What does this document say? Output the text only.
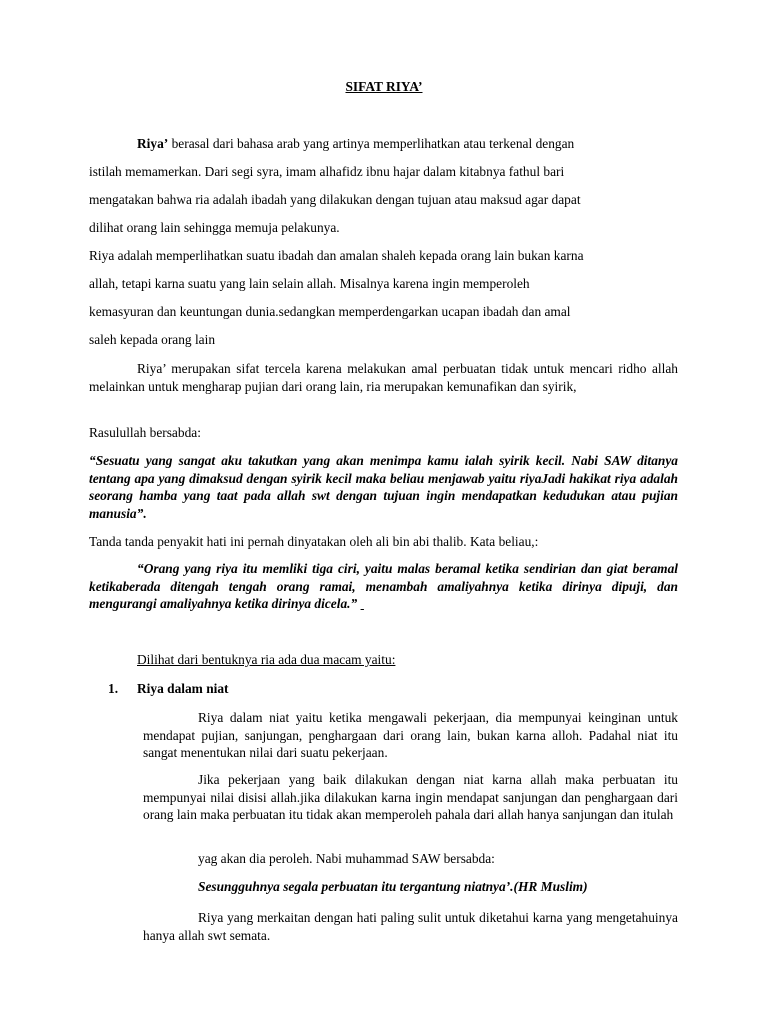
SIFAT RIYA’

Riya’ berasal dari bahasa arab yang artinya memperlihatkan atau terkenal dengan

istilah memamerkan. Dari segi syra, imam alhafidz ibnu hajar dalam kitabnya fathul bari

mengatakan bahwa ria adalah ibadah yang dilakukan dengan tujuan atau maksud agar dapat

dilihat orang lain sehingga memuja pelakunya.

Riya adalah memperlihatkan suatu ibadah dan amalan shaleh kepada orang lain bukan karna

allah, tetapi karna suatu yang lain selain allah. Misalnya karena ingin memperoleh

kemasyuran dan keuntungan dunia.sedangkan memperdengarkan ucapan ibadah dan amal

saleh kepada orang lain

Riya’ merupakan sifat tercela karena melakukan amal perbuatan tidak untuk mencari ridho allah melainkan untuk mengharap pujian dari orang lain, ria merupakan kemunafikan dan syirik,

Rasulullah bersabda:

“Sesuatu yang sangat aku takutkan yang akan menimpa kamu ialah syirik kecil. Nabi SAW ditanya tentang apa yang dimaksud dengan syirik kecil maka beliau menjawab yaitu riyaJadi hakikat riya adalah seorang hamba yang taat pada allah swt dengan tujuan ingin mendapatkan kedudukan atau pujian manusia”.

Tanda tanda penyakit hati ini pernah dinyatakan oleh ali bin abi thalib. Kata beliau,:

“Orang yang riya itu memliki tiga ciri, yaitu malas beramal ketika sendirian dan giat beramal ketikaberada ditengah tengah orang ramai, menambah amaliyahnya ketika dirinya dipuji, dan mengurangi amaliyahnya ketika dirinya dicela.”

Dilihat dari bentuknya ria ada dua macam yaitu:

1. Riya dalam niat

Riya dalam niat yaitu ketika mengawali pekerjaan, dia mempunyai keinginan untuk mendapat pujian, sanjungan, penghargaan dari orang lain, bukan karna alloh. Padahal niat itu sangat menentukan nilai dari suatu pekerjaan.

Jika pekerjaan yang baik dilakukan dengan niat karna allah maka perbuatan itu mempunyai nilai disisi allah.jika dilakukan karna ingin mendapat sanjungan dan penghargaan dari orang lain maka perbuatan itu tidak akan memperoleh pahala dari allah hanya sanjungan dan itulah

yag akan dia peroleh. Nabi muhammad SAW bersabda:

Sesungguhnya segala perbuatan itu tergantung niatnya’.(HR Muslim)

Riya yang merkaitan dengan hati paling sulit untuk diketahui karna yang mengetahuinya hanya allah swt semata.
